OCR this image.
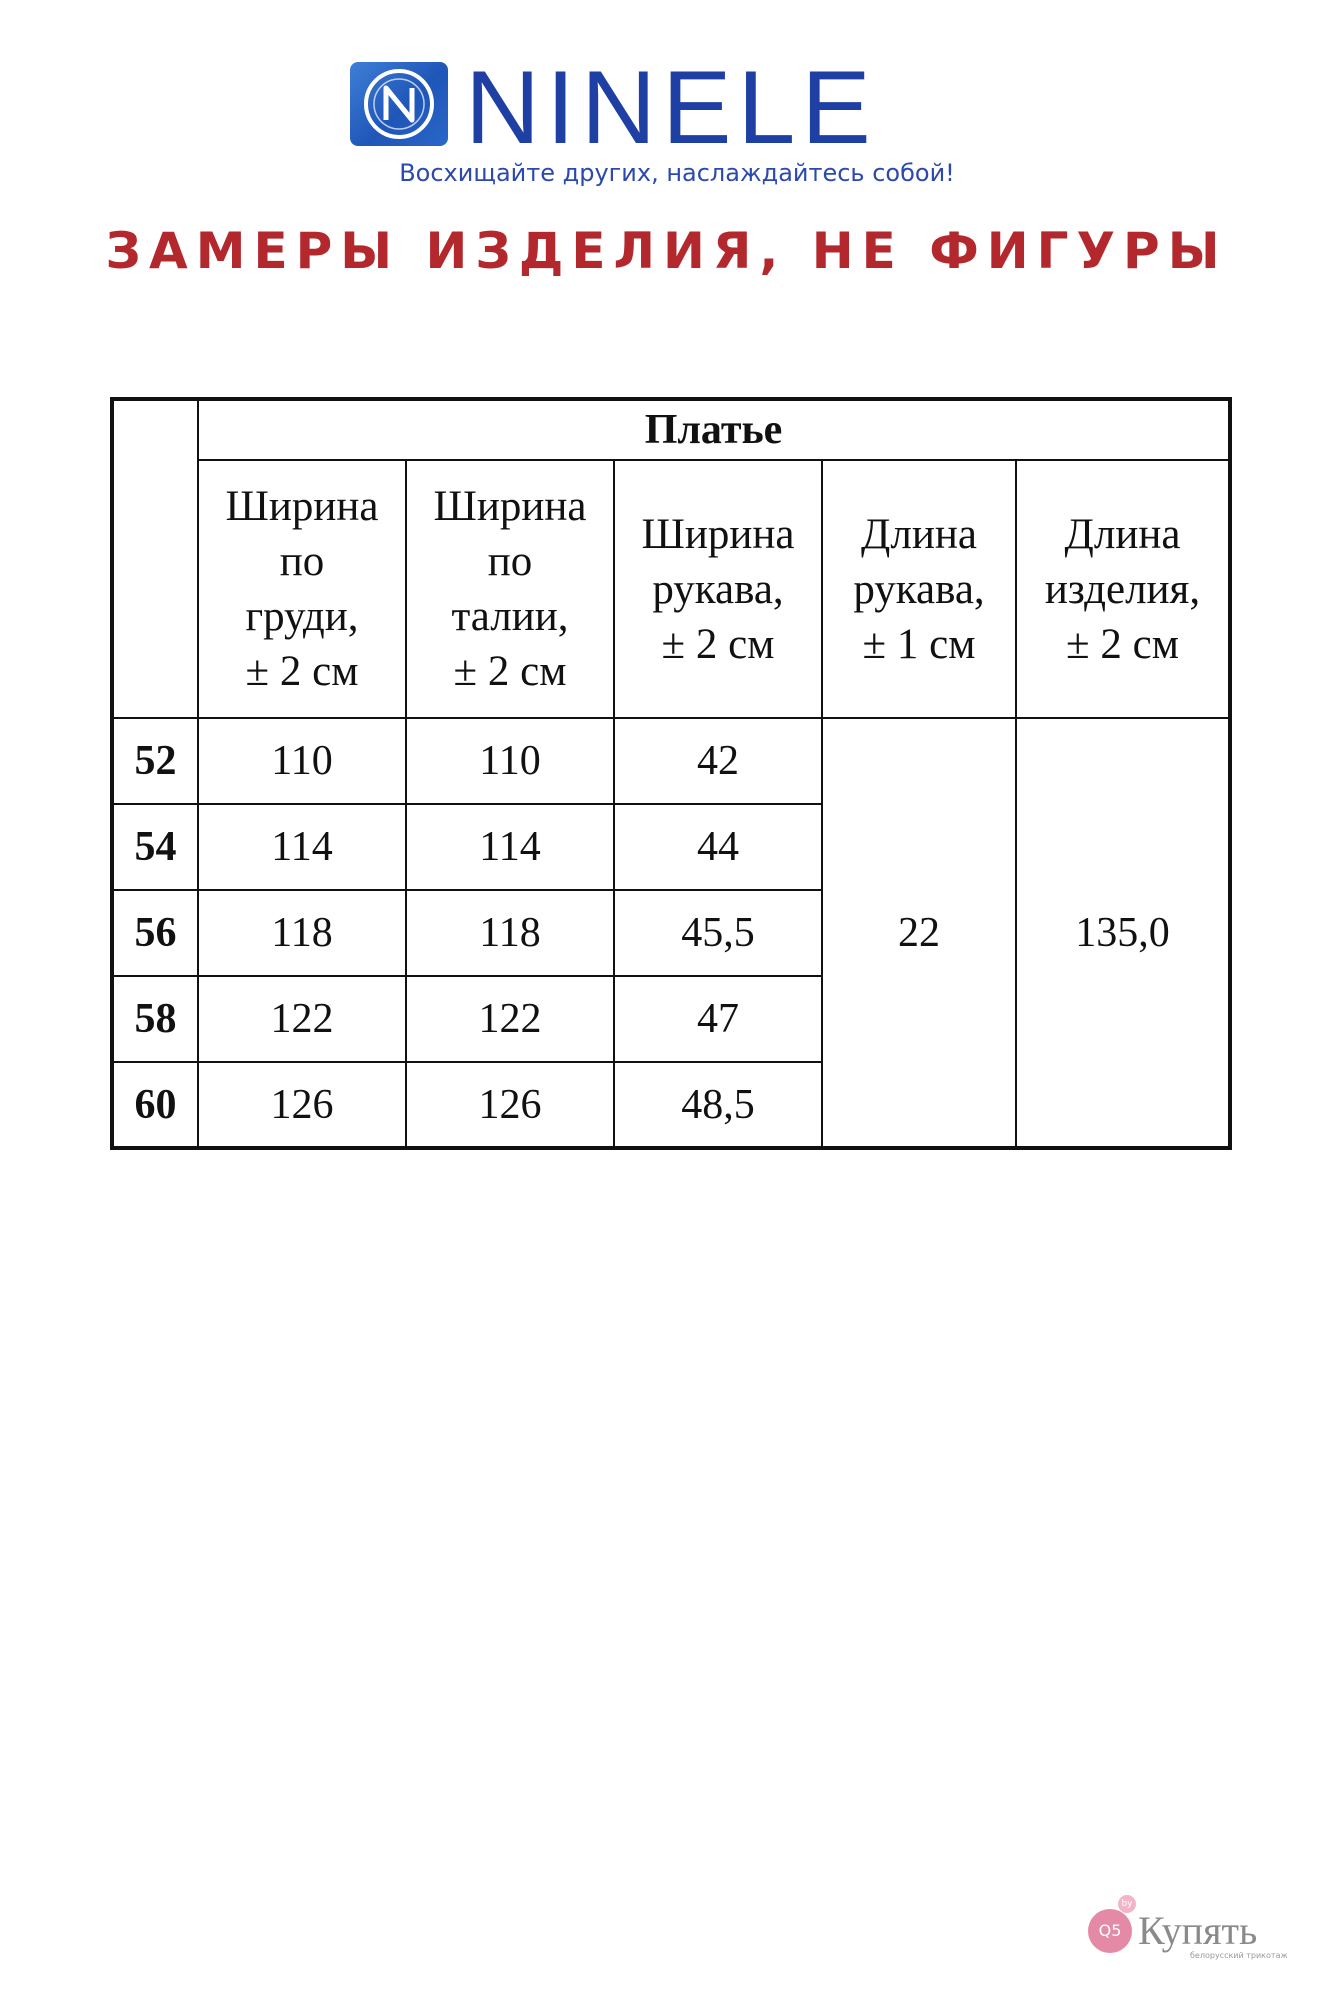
NINELE
Восхищайте других, наслаждайтесь собой!
ЗАМЕРЫ ИЗДЕЛИЯ, НЕ ФИГУРЫ
	Платье				
	Ширина
по
груди,
± 2 см	Ширина
по
талии,
± 2 см	Ширина
рукава,
± 2 см	Длина
рукава,
± 1 см	Длина
изделия,
± 2 см
52	110	110	42	22	135,0
54	114	114	44		
56	118	118	45,5		
58	122	122	47		
60	126	126	48,5		
Q5
by
Купять
белорусский трикотаж
